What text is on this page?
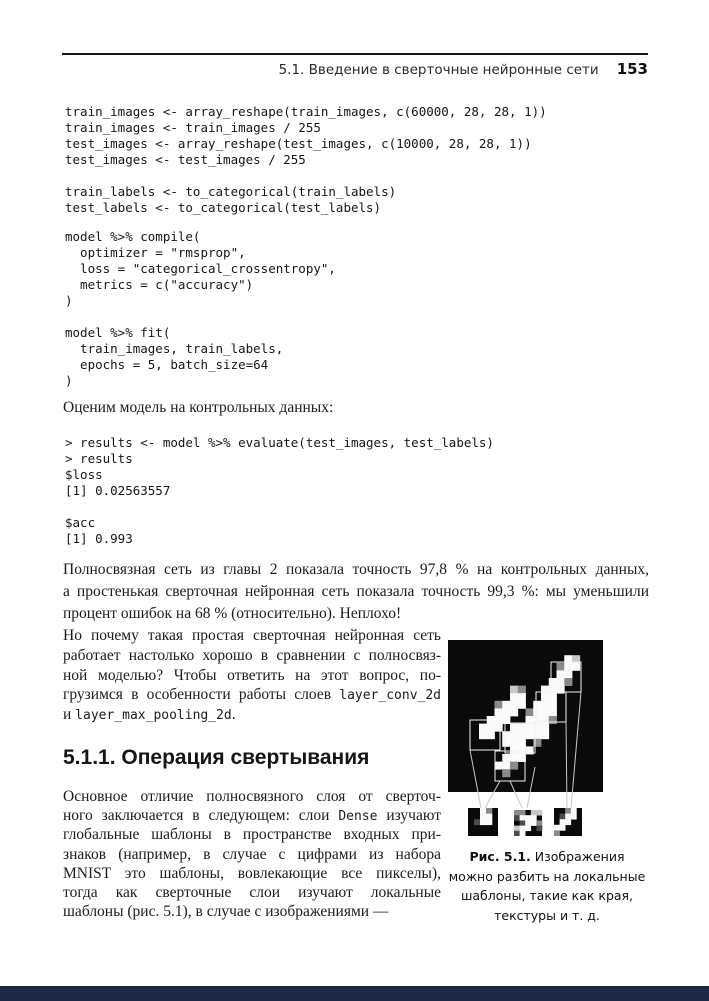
5.1. Введение в сверточные нейронные сети 153
train_images <- array_reshape(train_images, c(60000, 28, 28, 1))
train_images <- train_images / 255
test_images <- array_reshape(test_images, c(10000, 28, 28, 1))
test_images <- test_images / 255

train_labels <- to_categorical(train_labels)
test_labels <- to_categorical(test_labels)
model %>% compile(
optimizer = "rmsprop",
loss = "categorical_crossentropy",
metrics = c("accuracy")
)

model %>% fit(
train_images, train_labels,
epochs = 5, batch_size=64
)

Оценим модель на контрольных данных:

> results <- model %>% evaluate(test_images, test_labels)
> results
$loss
[1] 0.02563557

$acc
[1] 0.993
Полносвязная сеть из главы 2 показала точность 97,8 % на контрольных данных,
а простенькая сверточная нейронная сеть показала точность 99,3 %: мы уменьшили
процент ошибок на 68 % (относительно). Неплохо!
Но почему такая простая сверточная нейронная сеть
работает настолько хорошо в сравнении с полносвяз-
ной моделью? Чтобы ответить на этот вопрос, по-
грузимся в особенности работы слоев layer_conv_2d
и layer_max_pooling_2d.
5.1.1. Операция свертывания
Основное отличие полносвязного слоя от сверточ-
ного заключается в следующем: слои Dense изучают
глобальные шаблоны в пространстве входных при-
знаков (например, в случае с цифрами из набора
MNIST это шаблоны, вовлекающие все пикселы),
тогда как сверточные слои изучают локальные
шаблоны (рис. 5.1), в случае с изображениями —
Рис. 5.1. Изображения
можно разбить на локальные
шаблоны, такие как края,
текстуры и т. д.
